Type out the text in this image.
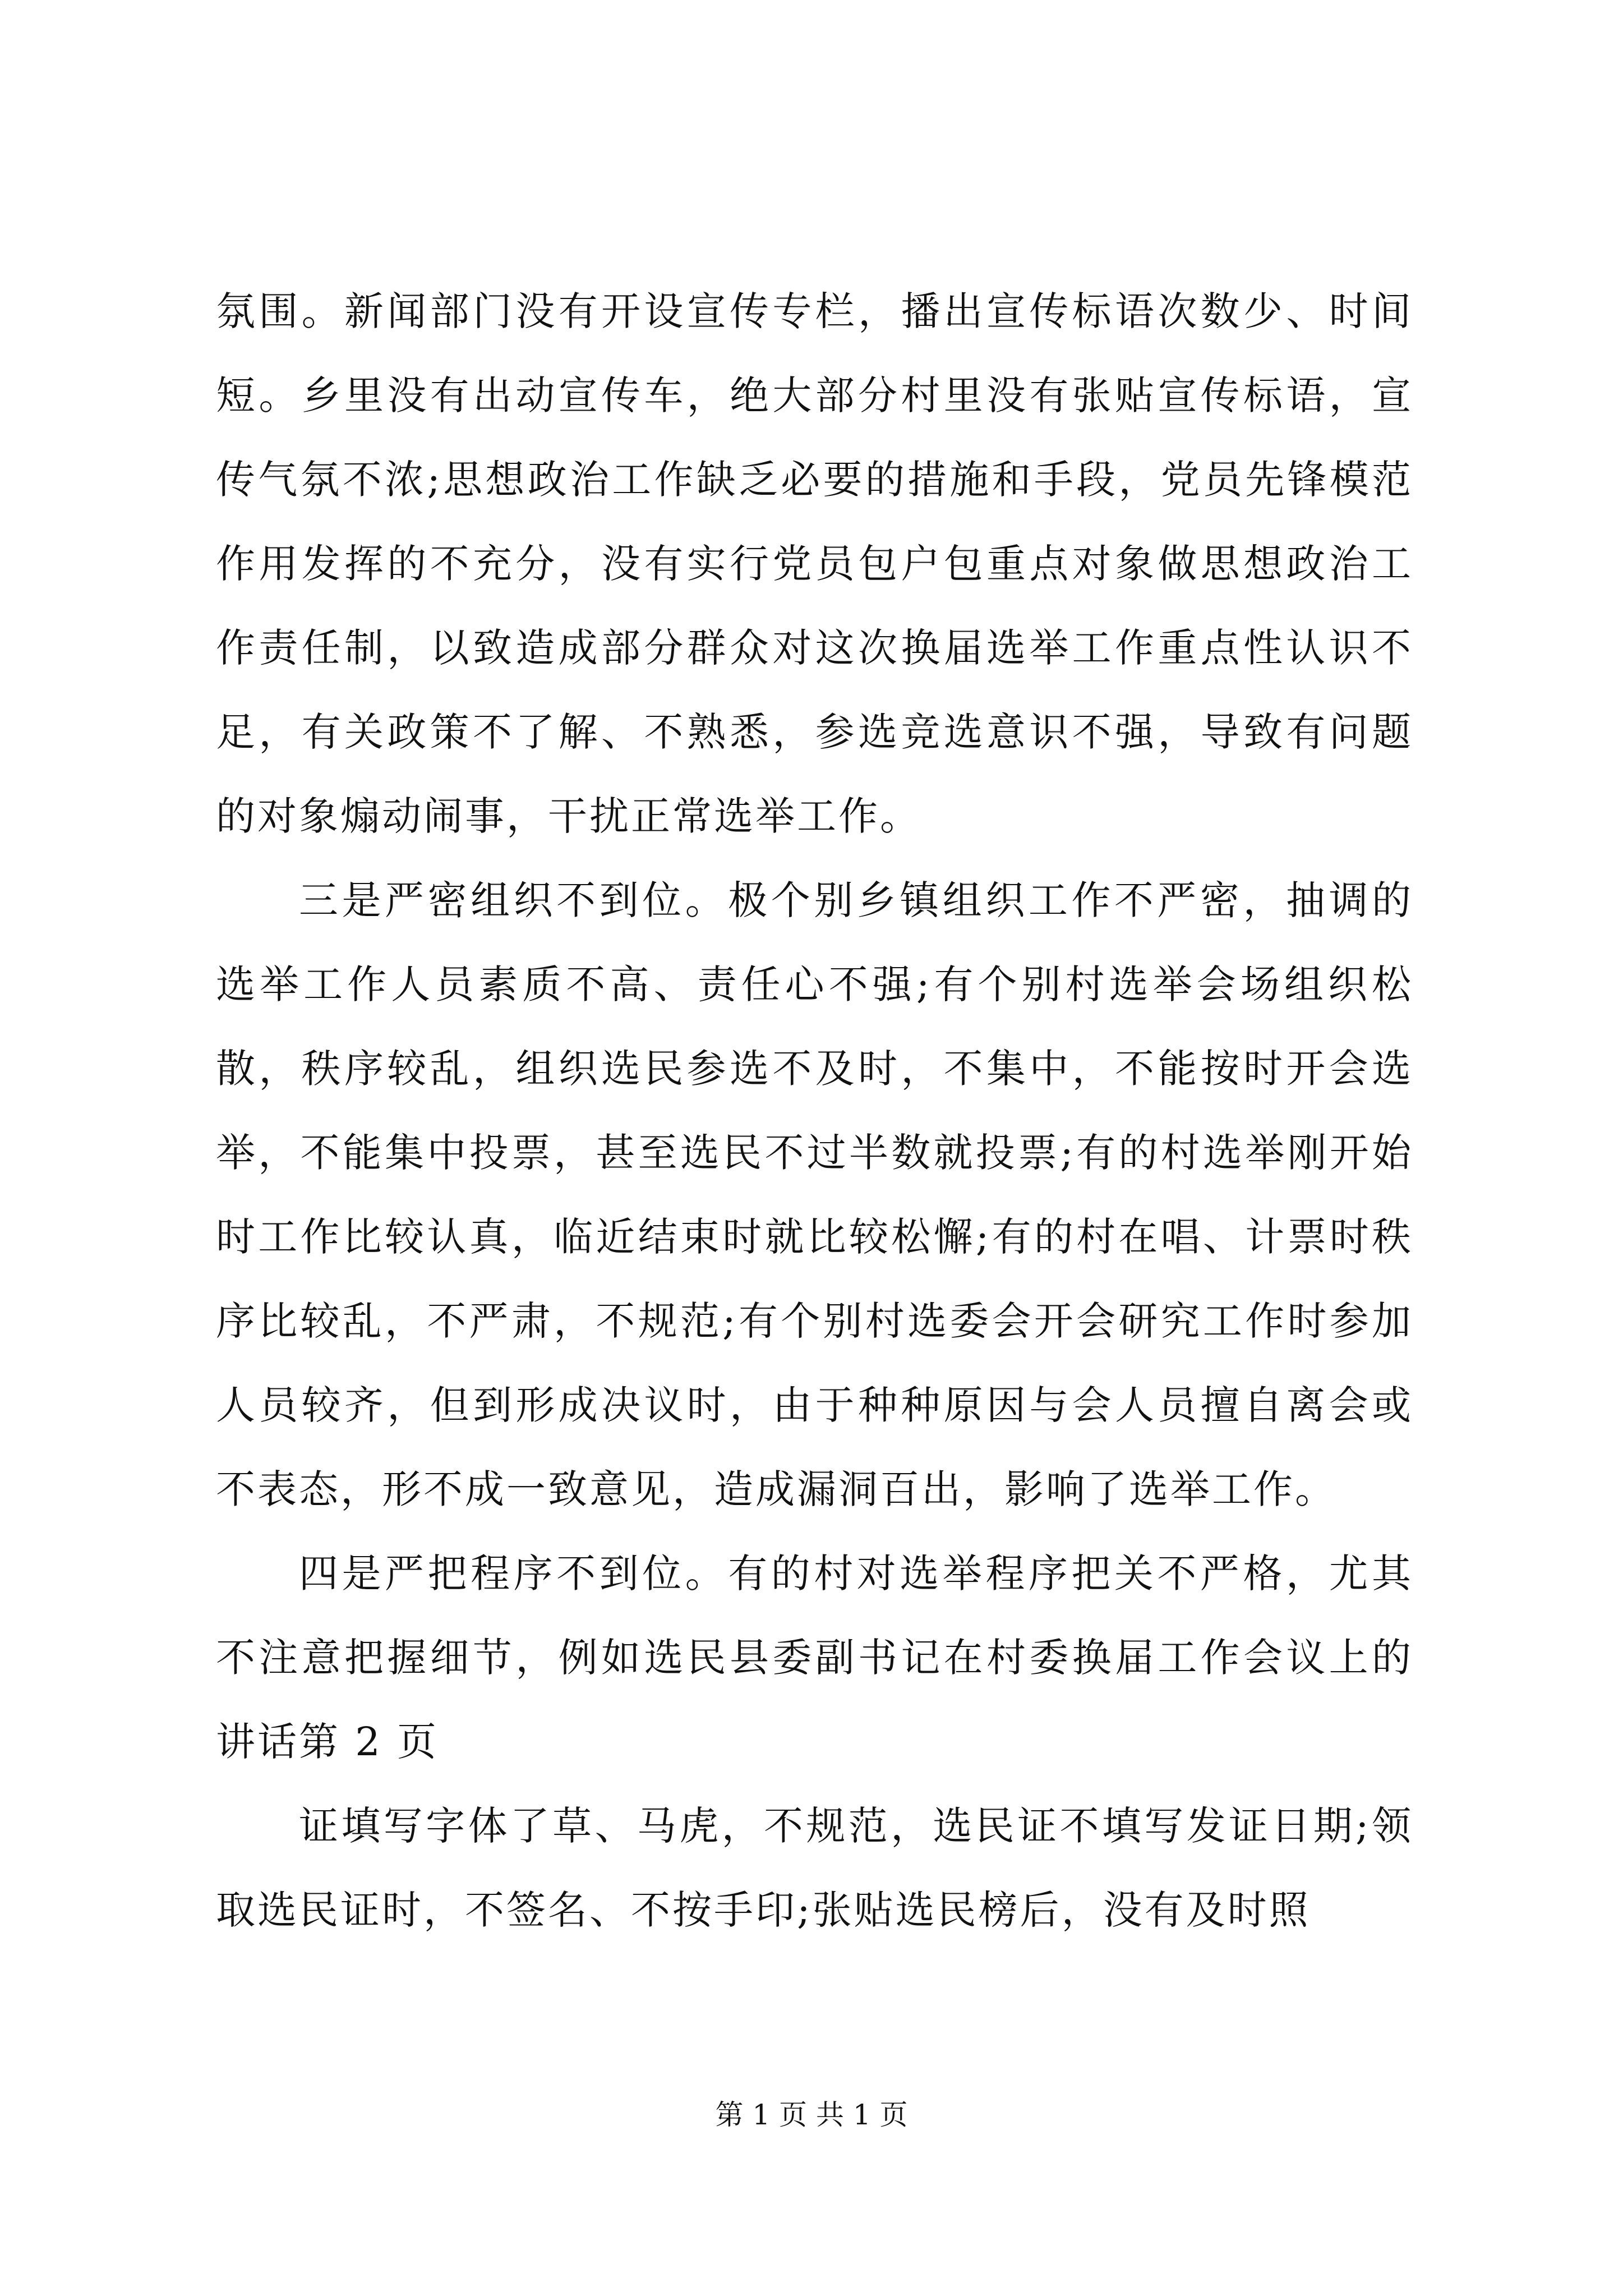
氛围。新闻部门没有开设宣传专栏，播出宣传标语次数少、时间短。乡里没有出动宣传车，绝大部分村里没有张贴宣传标语，宣传气氛不浓;思想政治工作缺乏必要的措施和手段，党员先锋模范作用发挥的不充分，没有实行党员包户包重点对象做思想政治工作责任制，以致造成部分群众对这次换届选举工作重点性认识不足，有关政策不了解、不熟悉，参选竞选意识不强，导致有问题的对象煽动闹事，干扰正常选举工作。

三是严密组织不到位。极个别乡镇组织工作不严密，抽调的选举工作人员素质不高、责任心不强;有个别村选举会场组织松散，秩序较乱，组织选民参选不及时，不集中，不能按时开会选举，不能集中投票，甚至选民不过半数就投票;有的村选举刚开始时工作比较认真，临近结束时就比较松懈;有的村在唱、计票时秩序比较乱，不严肃，不规范;有个别村选委会开会研究工作时参加人员较齐，但到形成决议时，由于种种原因与会人员擅自离会或不表态，形不成一致意见，造成漏洞百出，影响了选举工作。

四是严把程序不到位。有的村对选举程序把关不严格，尤其不注意把握细节，例如选民县委副书记在村委换届工作会议上的讲话第 2 页

证填写字体了草、马虎，不规范，选民证不填写发证日期;领取选民证时，不签名、不按手印;张贴选民榜后，没有及时照

第 1 页 共 1 页
